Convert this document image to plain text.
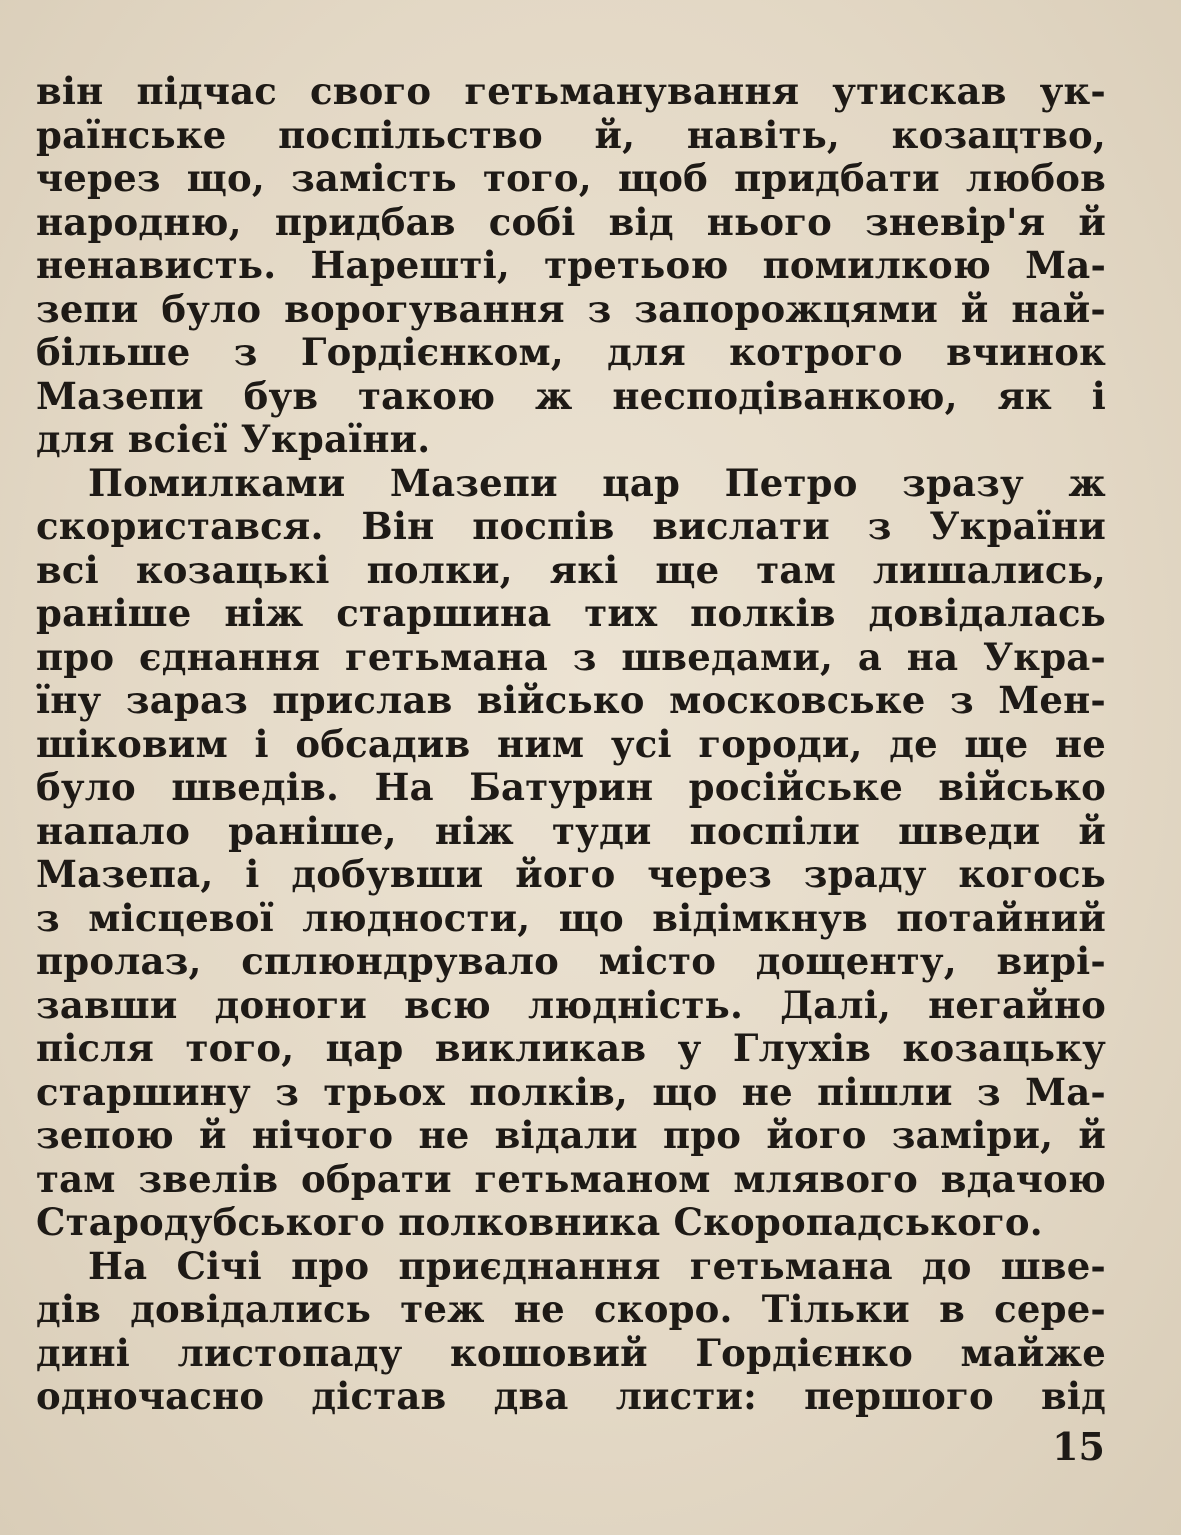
він підчас свого гетьманування утискав ук-
раїнське поспільство й, навіть, козацтво,
через що, замість того, щоб придбати любов
народню, придбав собі від нього зневір'я й
ненависть. Нарешті, третьою помилкою Ма-
зепи було ворогування з запорожцями й най-
більше з Гордієнком, для котрого вчинок
Мазепи був такою ж несподіванкою, як і
для всієї України.
Помилками Мазепи цар Петро зразу ж
скористався. Він поспів вислати з України
всі козацькі полки, які ще там лишались,
раніше ніж старшина тих полків довідалась
про єднання гетьмана з шведами, а на Укра-
їну зараз прислав військо московське з Мен-
шіковим і обсадив ним усі городи, де ще не
було шведів. На Батурин російське військо
напало раніше, ніж туди поспіли шведи й
Мазепа, і добувши його через зраду когось
з місцевої людности, що відімкнув потайний
пролаз, сплюндрувало місто дощенту, вирі-
завши доноги всю людність. Далі, негайно
після того, цар викликав у Глухів козацьку
старшину з трьох полків, що не пішли з Ма-
зепою й нічого не відали про його заміри, й
там звелів обрати гетьманом млявого вдачою
Стародубського полковника Скоропадського.
На Січі про приєднання гетьмана до шве-
дів довідались теж не скоро. Тільки в сере-
дині листопаду кошовий Гордієнко майже
одночасно дістав два листи: першого від
15
